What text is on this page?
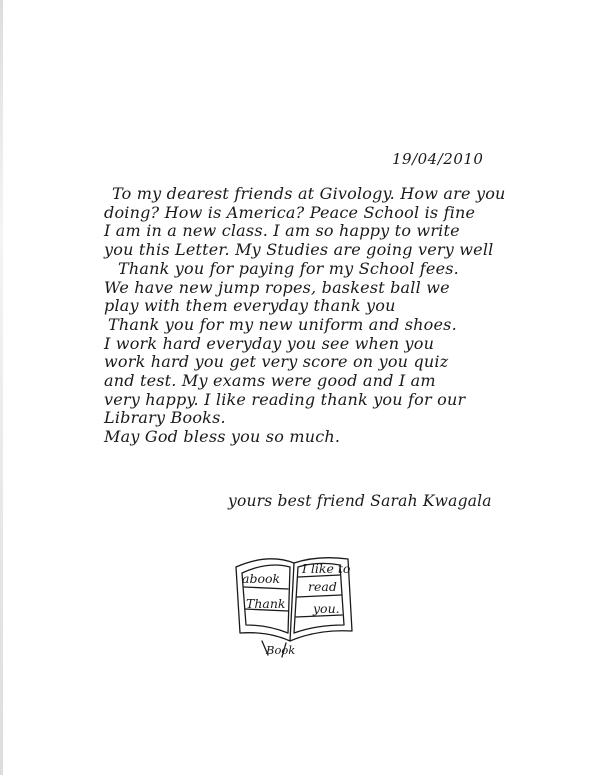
19/04/2010
To my dearest friends at Givology. How are you
doing? How is America? Peace School is fine
I am in a new class. I am so happy to write
you this Letter. My Studies are going very well
Thank you for paying for my School fees.
We have new jump ropes, baskest ball we
play with them everyday thank you
Thank you for my new uniform and shoes.
I work hard everyday you see when you
work hard you get very score on you quiz
and test. My exams were good and I am
very happy. I like reading thank you for our
Library Books.
May God bless you so much.
yours best friend Sarah Kwagala
abook
Thank
I like to
read
you.
Book
